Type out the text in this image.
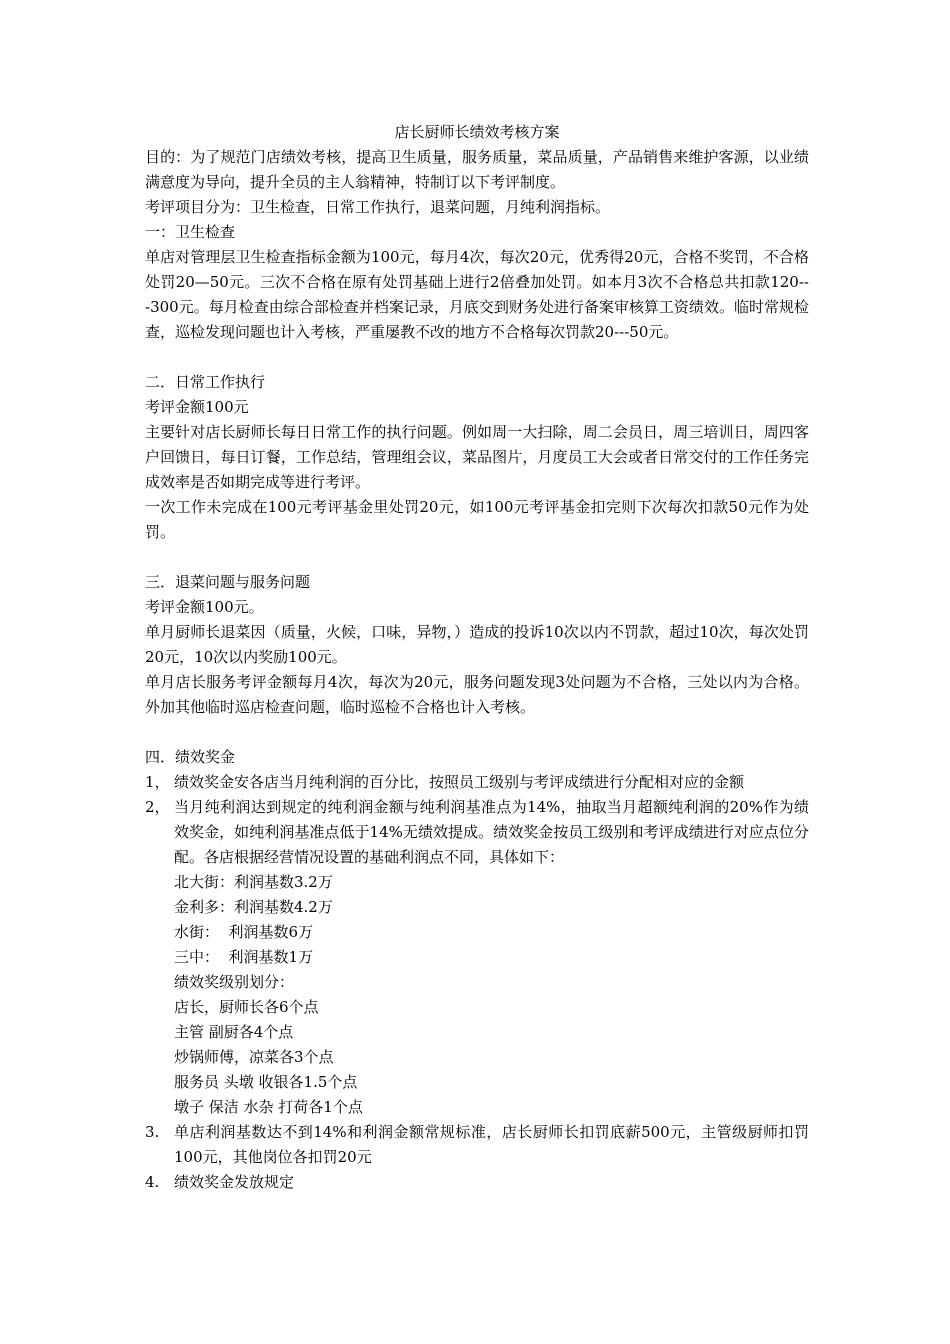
店长厨师长绩效考核方案

目的：为了规范门店绩效考核，提高卫生质量，服务质量，菜品质量，产品销售来维护客源，以业绩满意度为导向，提升全员的主人翁精神，特制订以下考评制度。

考评项目分为：卫生检查，日常工作执行，退菜问题，月纯利润指标。

一：卫生检查

单店对管理层卫生检查指标金额为100元，每月4次，每次20元，优秀得20元，合格不奖罚，不合格处罚20—50元。三次不合格在原有处罚基础上进行2倍叠加处罚。如本月3次不合格总共扣款120---300元。每月检查由综合部检查并档案记录，月底交到财务处进行备案审核算工资绩效。临时常规检查，巡检发现问题也计入考核，严重屡教不改的地方不合格每次罚款20---50元。

二．日常工作执行

考评金额100元

主要针对店长厨师长每日日常工作的执行问题。例如周一大扫除，周二会员日，周三培训日，周四客户回馈日，每日订餐，工作总结，管理组会议，菜品图片，月度员工大会或者日常交付的工作任务完成效率是否如期完成等进行考评。

一次工作未完成在100元考评基金里处罚20元，如100元考评基金扣完则下次每次扣款50元作为处罚。

三．退菜问题与服务问题

考评金额100元。

单月厨师长退菜因（质量，火候，口味，异物，）造成的投诉10次以内不罚款，超过10次，每次处罚20元，10次以内奖励100元。

单月店长服务考评金额每月4次，每次为20元，服务问题发现3处问题为不合格，三处以内为合格。外加其他临时巡店检查问题，临时巡检不合格也计入考核。

四．绩效奖金

1， 绩效奖金安各店当月纯利润的百分比，按照员工级别与考评成绩进行分配相对应的金额
2， 当月纯利润达到规定的纯利润金额与纯利润基准点为14%，抽取当月超额纯利润的20%作为绩效奖金，如纯利润基准点低于14%无绩效提成。绩效奖金按员工级别和考评成绩进行对应点位分配。各店根据经营情况设置的基础利润点不同，具体如下：

北大街：利润基数3.2万

金利多：利润基数4.2万

水街：  利润基数6万

三中：  利润基数1万

绩效奖级别划分：

店长，厨师长各6个点

主管 副厨各4个点

炒锅师傅，凉菜各3个点

服务员 头墩 收银各1.5个点

墩子 保洁 水杂 打荷各1个点

3. 单店利润基数达不到14%和利润金额常规标准，店长厨师长扣罚底薪500元，主管级厨师扣罚100元，其他岗位各扣罚20元
4. 绩效奖金发放规定
